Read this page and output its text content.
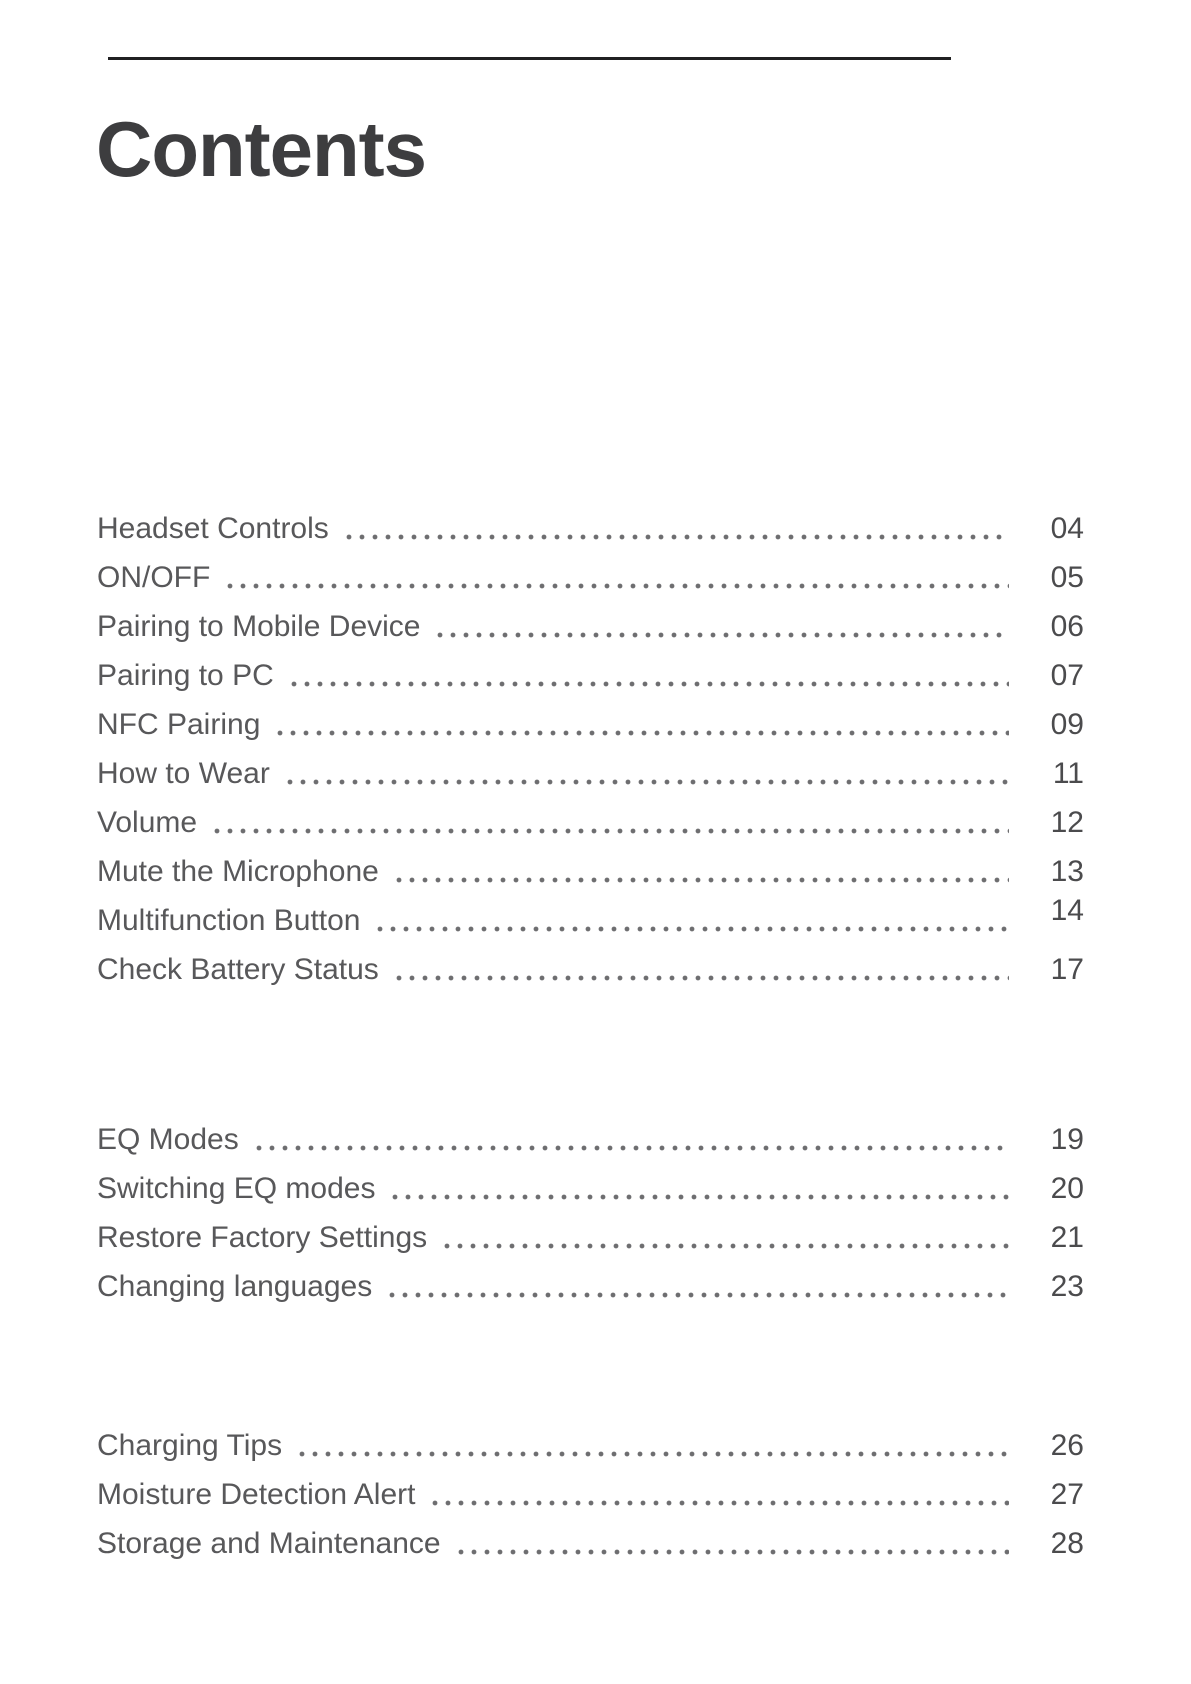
Contents
Headset Controls	04
ON/OFF	05
Pairing to Mobile Device	06
Pairing to PC	07
NFC Pairing	09
How to Wear	11
Volume	12
Mute the Microphone	13
Multifunction Button	14
Check Battery Status	17
EQ Modes	19
Switching EQ modes	20
Restore Factory Settings	21
Changing languages	23
Charging Tips	26
Moisture Detection Alert	27
Storage and Maintenance	28
